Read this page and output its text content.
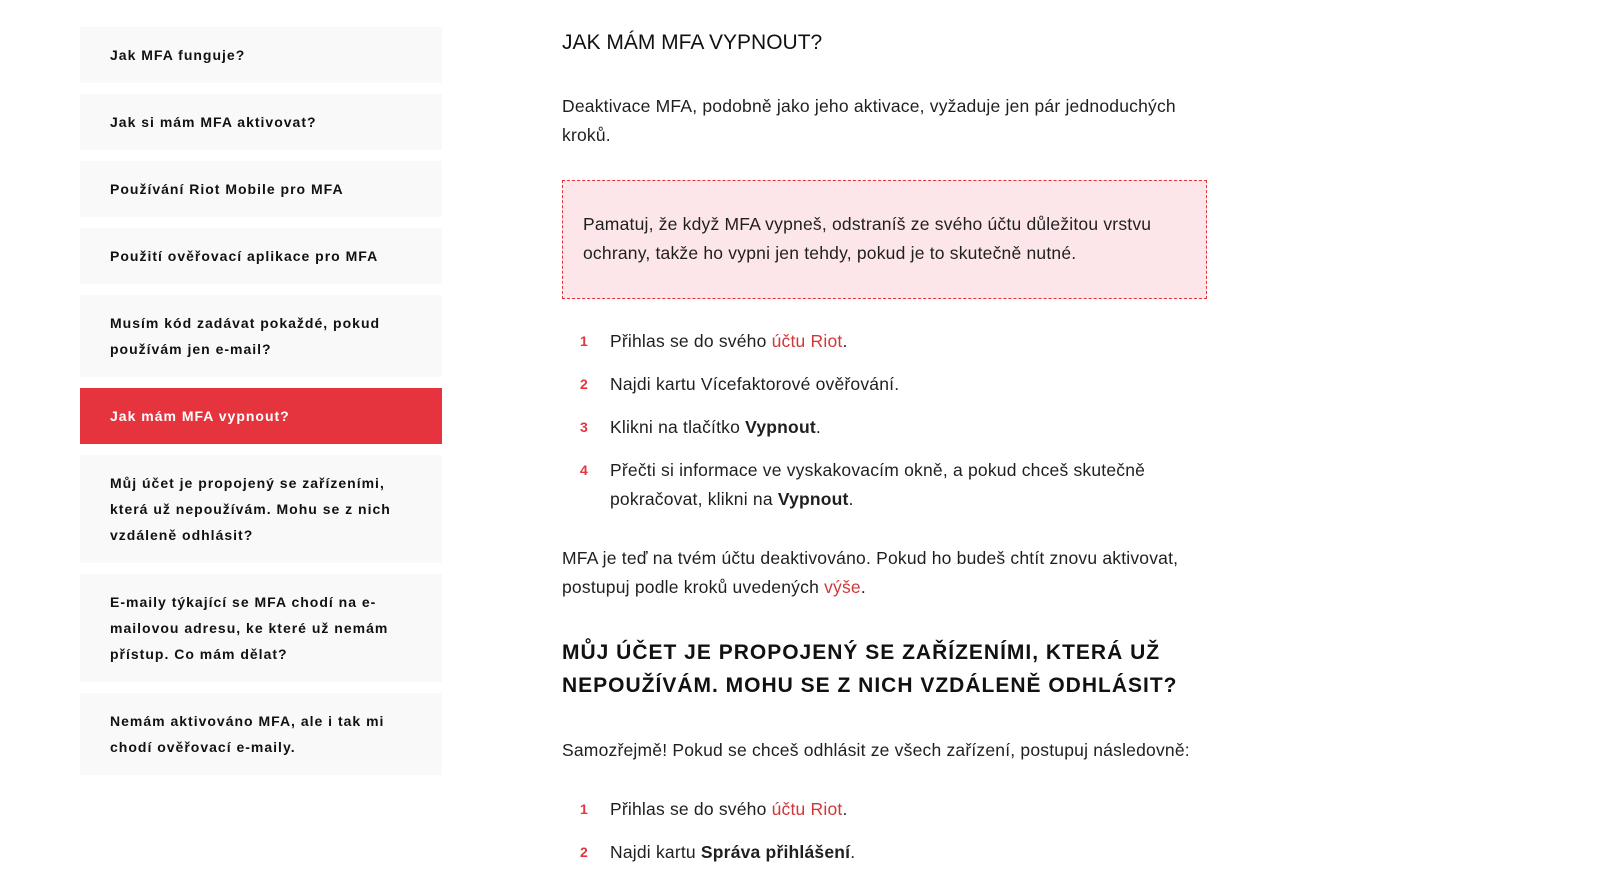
Jak MFA funguje?
Jak si mám MFA aktivovat?
Používání Riot Mobile pro MFA
Použití ověřovací aplikace pro MFA
Musím kód zadávat pokaždé, pokud používám jen e-mail?
Jak mám MFA vypnout?
Můj účet je propojený se zařízeními, která už nepoužívám. Mohu se z nich vzdáleně odhlásit?
E-maily týkající se MFA chodí na e-mailovou adresu, ke které už nemám přístup. Co mám dělat?
Nemám aktivováno MFA, ale i tak mi chodí ověřovací e-maily.
JAK MÁM MFA VYPNOUT?

Deaktivace MFA, podobně jako jeho aktivace, vyžaduje jen pár jednoduchých kroků.

Pamatuj, že když MFA vypneš, odstraníš ze svého účtu důležitou vrstvu ochrany, takže ho vypni jen tehdy, pokud je to skutečně nutné.

1 Přihlas se do svého účtu Riot.
2 Najdi kartu Vícefaktorové ověřování.
3 Klikni na tlačítko Vypnout.
4 Přečti si informace ve vyskakovacím okně, a pokud chceš skutečně pokračovat, klikni na Vypnout.

MFA je teď na tvém účtu deaktivováno. Pokud ho budeš chtít znovu aktivovat, postupuj podle kroků uvedených výše.

MŮJ ÚČET JE PROPOJENÝ SE ZAŘÍZENÍMI, KTERÁ UŽ NEPOUŽÍVÁM. MOHU SE Z NICH VZDÁLENĚ ODHLÁSIT?

Samozřejmě! Pokud se chceš odhlásit ze všech zařízení, postupuj následovně:

1 Přihlas se do svého účtu Riot.
2 Najdi kartu Správa přihlášení.
